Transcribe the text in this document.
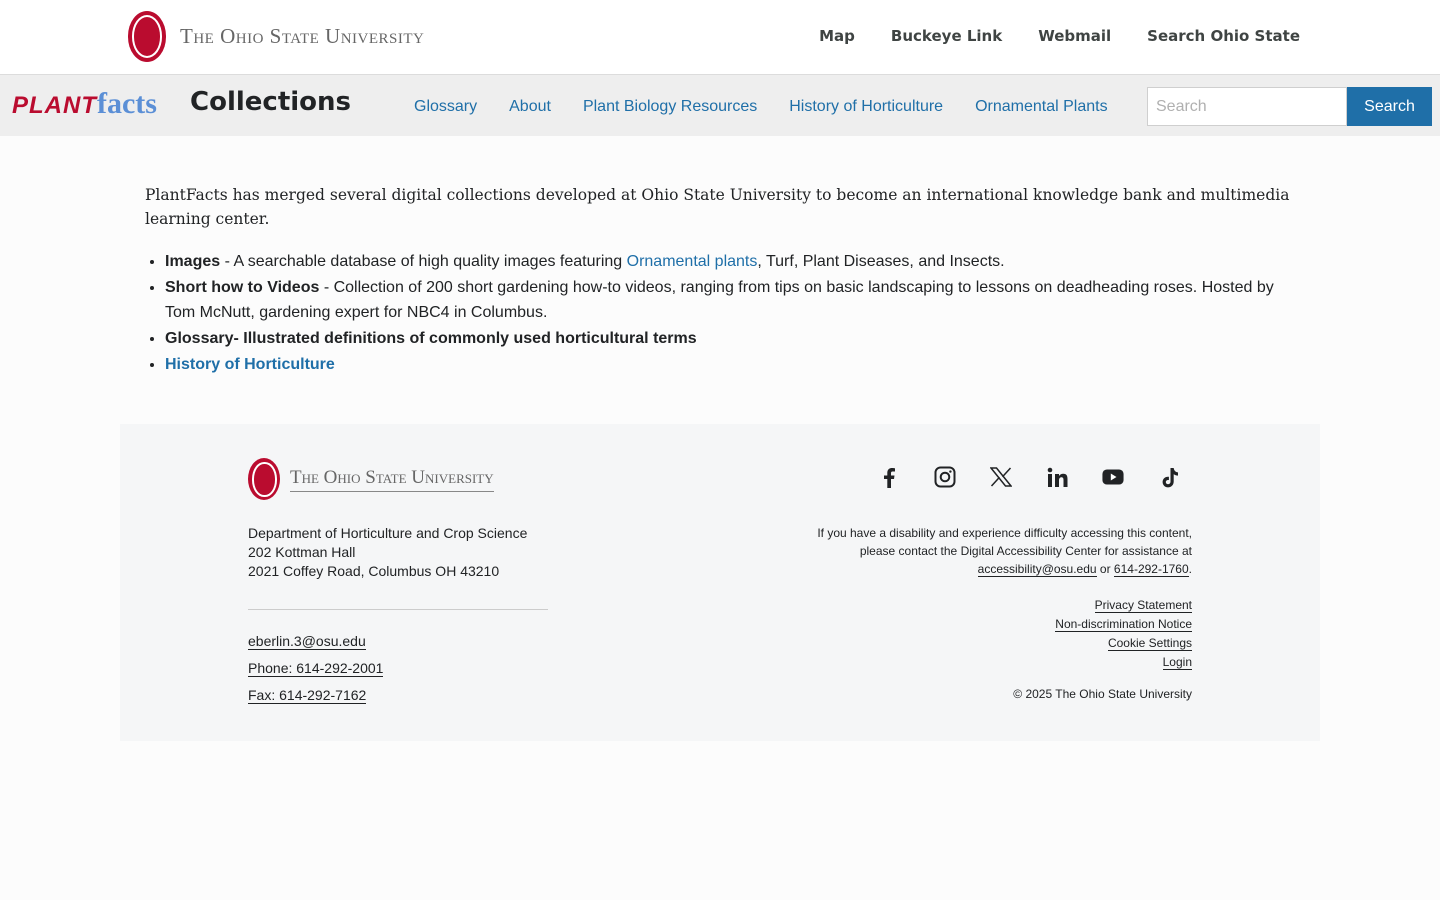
The Ohio State University	Map Buckeye Link Webmail Search Ohio State
PLANT facts Collections	Glossary About Plant Biology Resources History of Horticulture Ornamental Plants
Search	Search

PlantFacts has merged several digital collections developed at Ohio State University to become an international knowledge bank and multimedia learning center.

• Images - A searchable database of high quality images featuring Ornamental plants, Turf, Plant Diseases, and Insects.
• Short how to Videos - Collection of 200 short gardening how-to videos, ranging from tips on basic landscaping to lessons on deadheading roses. Hosted by Tom McNutt, gardening expert for NBC4 in Columbus.
• Glossary- Illustrated definitions of commonly used horticultural terms
• History of Horticulture
The Ohio State University
Department of Horticulture and Crop Science
202 Kottman Hall
2021 Coffey Road, Columbus OH 43210
eberlin.3@osu.edu
Phone: 614-292-2001
Fax: 614-292-7162
If you have a disability and experience difficulty accessing this content,
please contact the Digital Accessibility Center for assistance at
accessibility@osu.edu or 614-292-1760.
Privacy Statement
Non-discrimination Notice
Cookie Settings
Login
© 2025 The Ohio State University
